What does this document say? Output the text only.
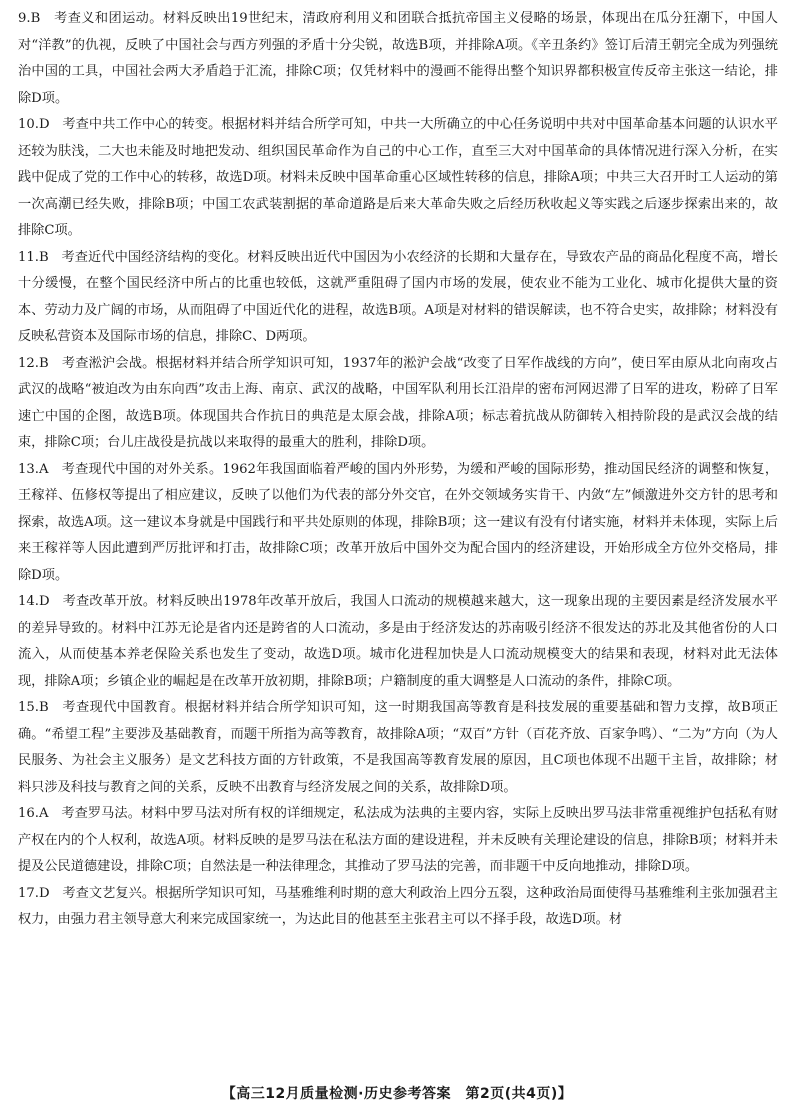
9.B 考查义和团运动。材料反映出19世纪末，清政府利用义和团联合抵抗帝国主义侵略的场景，体现出在瓜分狂潮下，中国人对“洋教”的仇视，反映了中国社会与西方列强的矛盾十分尖锐，故选B项，并排除A项。《辛丑条约》签订后清王朝完全成为列强统治中国的工具，中国社会两大矛盾趋于汇流，排除C项；仅凭材料中的漫画不能得出整个知识界都积极宣传反帝主张这一结论，排除D项。
10.D 考查中共工作中心的转变。根据材料并结合所学可知，中共一大所确立的中心任务说明中共对中国革命基本问题的认识水平还较为肤浅，二大也未能及时地把发动、组织国民革命作为自己的中心工作，直至三大对中国革命的具体情况进行深入分析，在实践中促成了党的工作中心的转移，故选D项。材料未反映中国革命重心区域性转移的信息，排除A项；中共三大召开时工人运动的第一次高潮已经失败，排除B项；中国工农武装割据的革命道路是后来大革命失败之后经历秋收起义等实践之后逐步探索出来的，故排除C项。
11.B 考查近代中国经济结构的变化。材料反映出近代中国因为小农经济的长期和大量存在，导致农产品的商品化程度不高，增长十分缓慢，在整个国民经济中所占的比重也较低，这就严重阻碍了国内市场的发展，使农业不能为工业化、城市化提供大量的资本、劳动力及广阔的市场，从而阻碍了中国近代化的进程，故选B项。A项是对材料的错误解读，也不符合史实，故排除；材料没有反映私营资本及国际市场的信息，排除C、D两项。
12.B 考查淞沪会战。根据材料并结合所学知识可知，1937年的淞沪会战“改变了日军作战线的方向”，使日军由原从北向南攻占武汉的战略“被迫改为由东向西”攻击上海、南京、武汉的战略，中国军队利用长江沿岸的密布河网迟滞了日军的进攻，粉碎了日军速亡中国的企图，故选B项。体现国共合作抗日的典范是太原会战，排除A项；标志着抗战从防御转入相持阶段的是武汉会战的结束，排除C项；台儿庄战役是抗战以来取得的最重大的胜利，排除D项。
13.A 考查现代中国的对外关系。1962年我国面临着严峻的国内外形势，为缓和严峻的国际形势，推动国民经济的调整和恢复，王稼祥、伍修权等提出了相应建议，反映了以他们为代表的部分外交官，在外交领域务实肯干、内敛“左”倾激进外交方针的思考和探索，故选A项。这一建议本身就是中国践行和平共处原则的体现，排除B项；这一建议有没有付诸实施，材料并未体现，实际上后来王稼祥等人因此遭到严厉批评和打击，故排除C项；改革开放后中国外交为配合国内的经济建设，开始形成全方位外交格局，排除D项。
14.D 考查改革开放。材料反映出1978年改革开放后，我国人口流动的规模越来越大，这一现象出现的主要因素是经济发展水平的差异导致的。材料中江苏无论是省内还是跨省的人口流动，多是由于经济发达的苏南吸引经济不很发达的苏北及其他省份的人口流入，从而使基本养老保险关系也发生了变动，故选D项。城市化进程加快是人口流动规模变大的结果和表现，材料对此无法体现，排除A项；乡镇企业的崛起是在改革开放初期，排除B项；户籍制度的重大调整是人口流动的条件，排除C项。
15.B 考查现代中国教育。根据材料并结合所学知识可知，这一时期我国高等教育是科技发展的重要基础和智力支撑，故B项正确。“希望工程”主要涉及基础教育，而题干所指为高等教育，故排除A项；“双百”方针（百花齐放、百家争鸣）、“二为”方向（为人民服务、为社会主义服务）是文艺科技方面的方针政策，不是我国高等教育发展的原因，且C项也体现不出题干主旨，故排除；材料只涉及科技与教育之间的关系，反映不出教育与经济发展之间的关系，故排除D项。
16.A 考查罗马法。材料中罗马法对所有权的详细规定，私法成为法典的主要内容，实际上反映出罗马法非常重视维护包括私有财产权在内的个人权利，故选A项。材料反映的是罗马法在私法方面的建设进程，并未反映有关理论建设的信息，排除B项；材料并未提及公民道德建设，排除C项；自然法是一种法律理念，其推动了罗马法的完善，而非题干中反向地推动，排除D项。
17.D 考查文艺复兴。根据所学知识可知，马基雅维利时期的意大利政治上四分五裂，这种政治局面使得马基雅维利主张加强君主权力，由强力君主领导意大利来完成国家统一，为达此目的他甚至主张君主可以不择手段，故选D项。材
【高三12月质量检测·历史参考答案　第2页(共4页)】
